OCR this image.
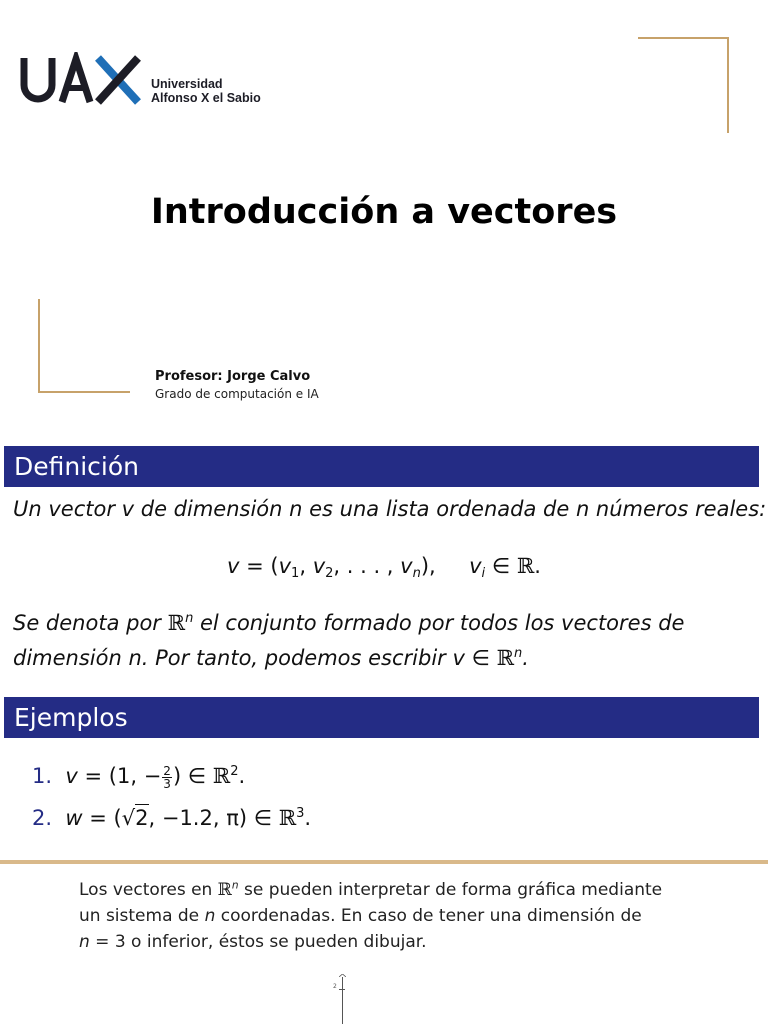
Universidad
Alfonso X el Sabio
Introducción a vectores
Profesor: Jorge Calvo
Grado de computación e IA
Definición
Un vector v de dimensión n es una lista ordenada de n números reales:
$v = (v_1$, $v_2$, . . . , $v_n$),     $v_i$ ∈ ℝ.
Se denota por ℝ$^n$ el conjunto formado por todos los vectores de
dimensión n. Por tanto, podemos escribir v ∈ ℝ$^n$.
Ejemplos
1. v = (1, − $\frac{2}{3}$ ) ∈ ℝ$^2$.
2. w = (√2, −1.2, π) ∈ ℝ$^3$.
Los vectores en ℝ$^n$ se pueden interpretar de forma gráfica mediante
un sistema de n coordenadas. En caso de tener una dimensión de
n = 3 o inferior, éstos se pueden dibujar.
2
